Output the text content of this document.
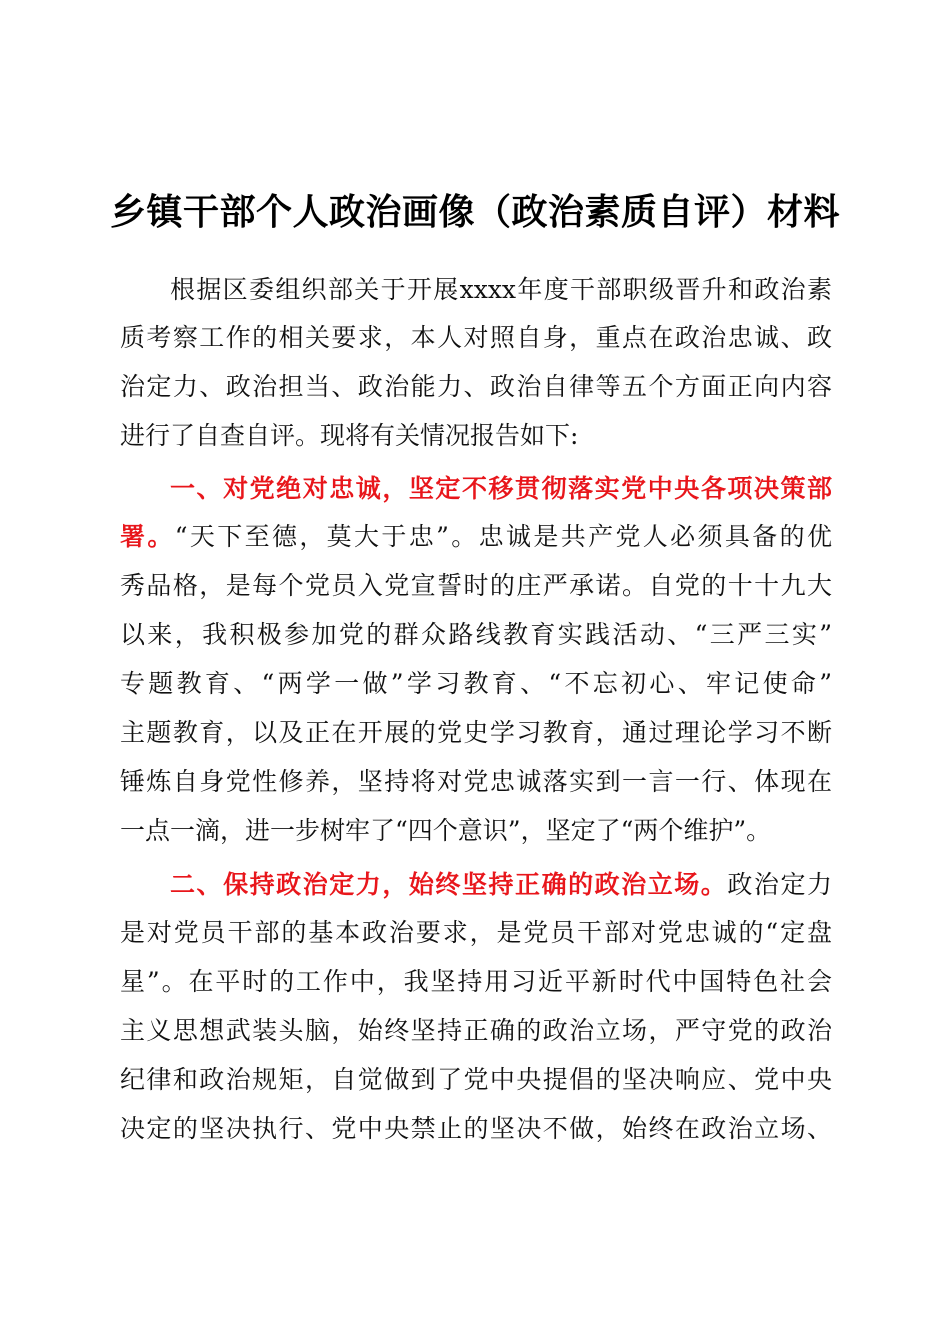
乡镇干部个人政治画像（政治素质自评）材料
根据区委组织部关于开展xxxx年度干部职级晋升和政治素
质考察工作的相关要求，本人对照自身，重点在政治忠诚、政
治定力、政治担当、政治能力、政治自律等五个方面正向内容
进行了自查自评。现将有关情况报告如下:
一、对党绝对忠诚，坚定不移贯彻落实党中央各项决策部
署。“天下至德，莫大于忠”。忠诚是共产党人必须具备的优
秀品格，是每个党员入党宣誓时的庄严承诺。自党的十十九大
以来，我积极参加党的群众路线教育实践活动、“三严三实”
专题教育、“两学一做”学习教育、“不忘初心、牢记使命”
主题教育，以及正在开展的党史学习教育，通过理论学习不断
锤炼自身党性修养，坚持将对党忠诚落实到一言一行、体现在
一点一滴，进一步树牢了“四个意识”，坚定了“两个维护”。
二、保持政治定力，始终坚持正确的政治立场。政治定力
是对党员干部的基本政治要求，是党员干部对党忠诚的“定盘
星”。在平时的工作中，我坚持用习近平新时代中国特色社会
主义思想武装头脑，始终坚持正确的政治立场，严守党的政治
纪律和政治规矩，自觉做到了党中央提倡的坚决响应、党中央
决定的坚决执行、党中央禁止的坚决不做，始终在政治立场、
